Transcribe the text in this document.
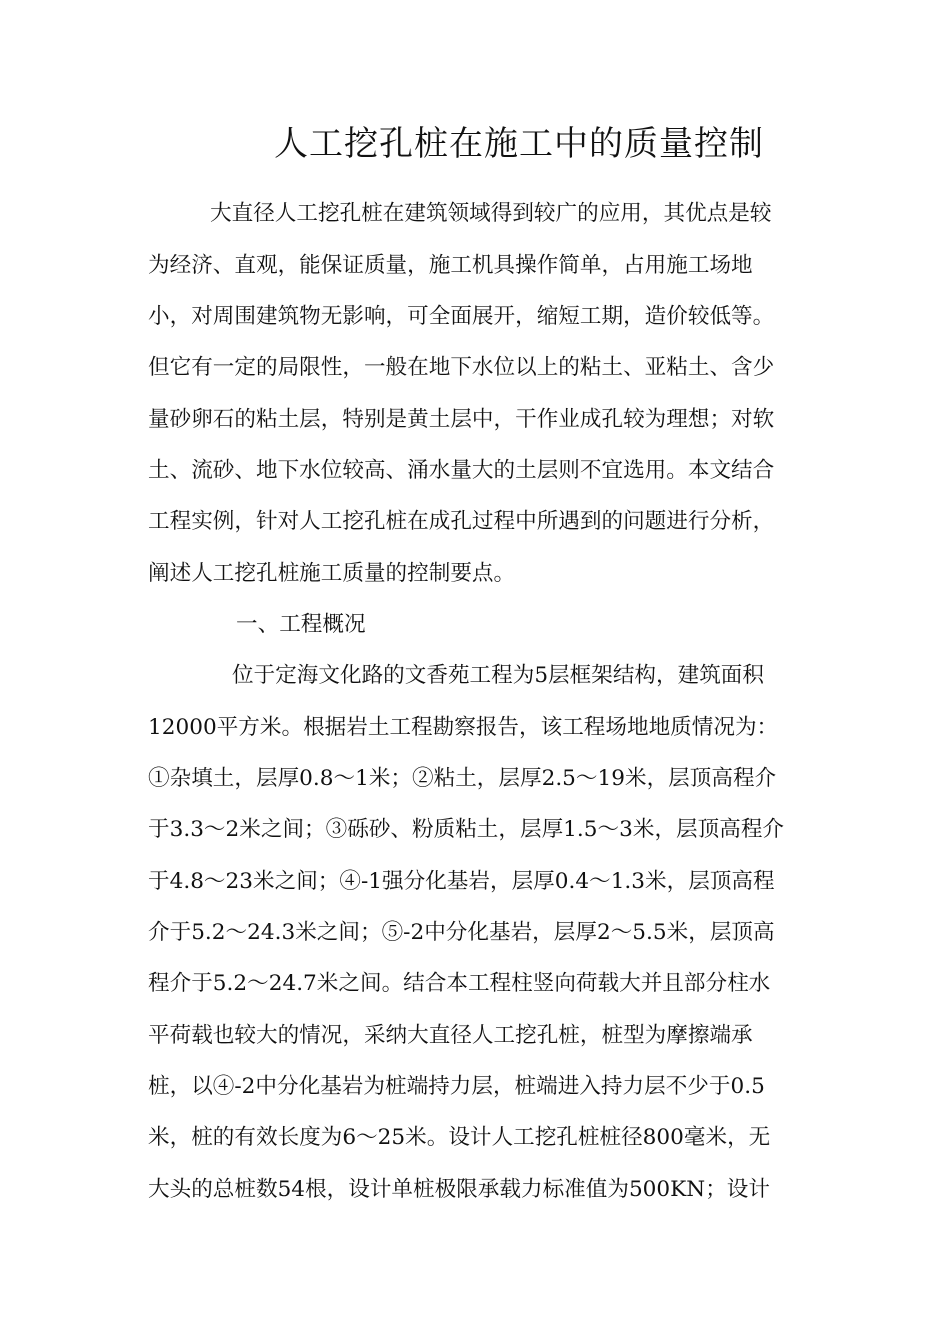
人工挖孔桩在施工中的质量控制
大直径人工挖孔桩在建筑领域得到较广的应用，其优点是较
为经济、直观，能保证质量，施工机具操作简单，占用施工场地
小，对周围建筑物无影响，可全面展开，缩短工期，造价较低等。
但它有一定的局限性，一般在地下水位以上的粘土、亚粘土、含少
量砂卵石的粘土层，特别是黄土层中，干作业成孔较为理想；对软
土、流砂、地下水位较高、涌水量大的土层则不宜选用。本文结合
工程实例，针对人工挖孔桩在成孔过程中所遇到的问题进行分析，
阐述人工挖孔桩施工质量的控制要点。
一、工程概况
位于定海文化路的文香苑工程为5层框架结构，建筑面积
12000平方米。根据岩土工程勘察报告，该工程场地地质情况为：
①杂填土，层厚0.8～1米；②粘土，层厚2.5～19米，层顶高程介
于3.3～2米之间；③砾砂、粉质粘土，层厚1.5～3米，层顶高程介
于4.8～23米之间；④-1强分化基岩，层厚0.4～1.3米，层顶高程
介于5.2～24.3米之间；⑤-2中分化基岩，层厚2～5.5米，层顶高
程介于5.2～24.7米之间。结合本工程柱竖向荷载大并且部分柱水
平荷载也较大的情况，采纳大直径人工挖孔桩，桩型为摩擦端承
桩，以④-2中分化基岩为桩端持力层，桩端进入持力层不少于0.5
米，桩的有效长度为6～25米。设计人工挖孔桩桩径800毫米，无
大头的总桩数54根，设计单桩极限承载力标准值为500KN；设计
